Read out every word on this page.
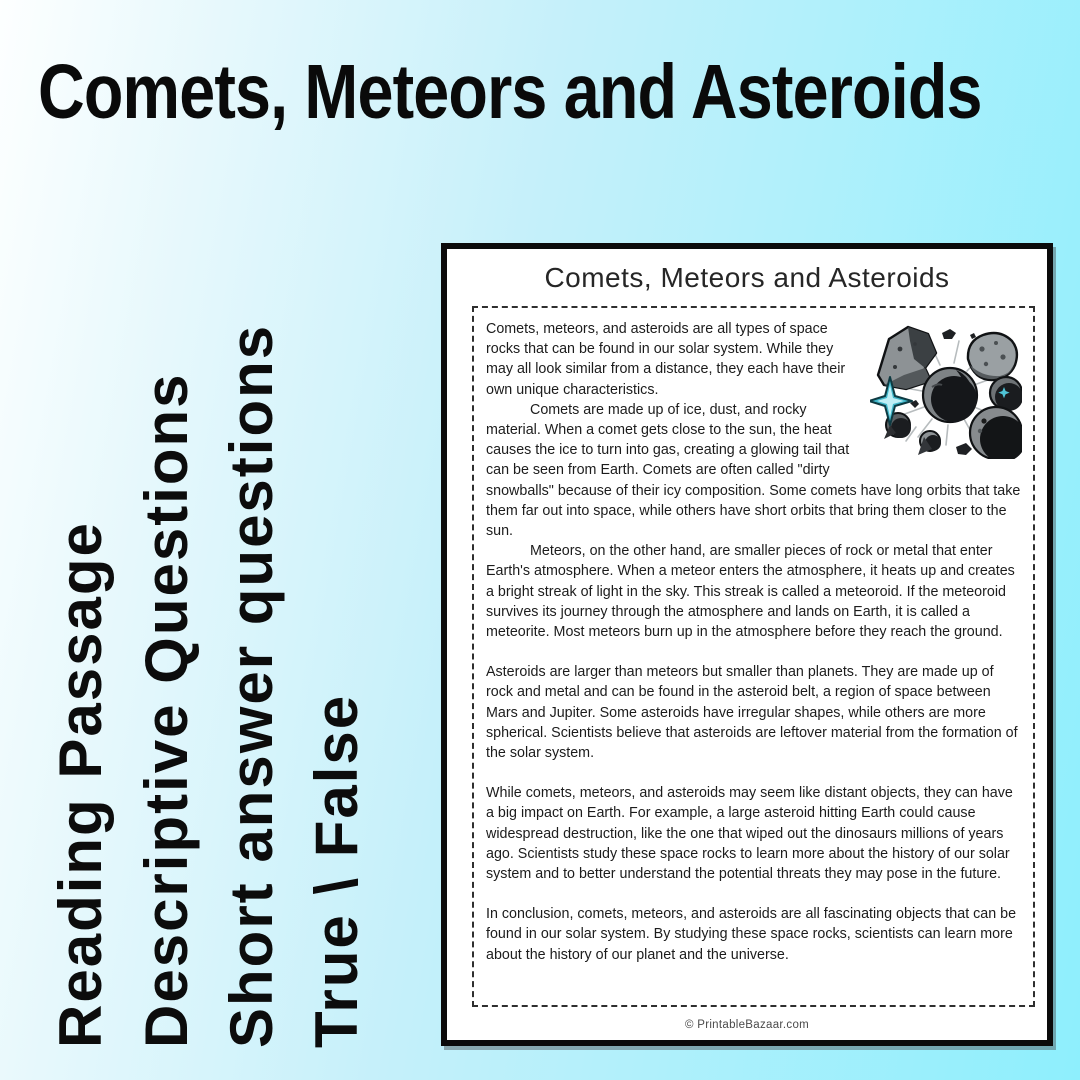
Comets, Meteors and Asteroids
Reading Passage Descriptive Questions Short answer questions True \ False
Comets, Meteors and Asteroids

Comets, meteors, and asteroids are all types of space rocks that can be found in our solar system. While they may all look similar from a distance, they each have their own unique characteristics.

Comets are made up of ice, dust, and rocky material. When a comet gets close to the sun, the heat causes the ice to turn into gas, creating a glowing tail that can be seen from Earth. Comets are often called "dirty snowballs" because of their icy composition. Some comets have long orbits that take them far out into space, while others have short orbits that bring them closer to the sun.

Meteors, on the other hand, are smaller pieces of rock or metal that enter Earth's atmosphere. When a meteor enters the atmosphere, it heats up and creates a bright streak of light in the sky. This streak is called a meteoroid. If the meteoroid survives its journey through the atmosphere and lands on Earth, it is called a meteorite. Most meteors burn up in the atmosphere before they reach the ground.

Asteroids are larger than meteors but smaller than planets. They are made up of rock and metal and can be found in the asteroid belt, a region of space between Mars and Jupiter. Some asteroids have irregular shapes, while others are more spherical. Scientists believe that asteroids are leftover material from the formation of the solar system.

While comets, meteors, and asteroids may seem like distant objects, they can have a big impact on Earth. For example, a large asteroid hitting Earth could cause widespread destruction, like the one that wiped out the dinosaurs millions of years ago. Scientists study these space rocks to learn more about the history of our solar system and to better understand the potential threats they may pose in the future.

In conclusion, comets, meteors, and asteroids are all fascinating objects that can be found in our solar system. By studying these space rocks, scientists can learn more about the history of our planet and the universe.

© PrintableBazaar.com
